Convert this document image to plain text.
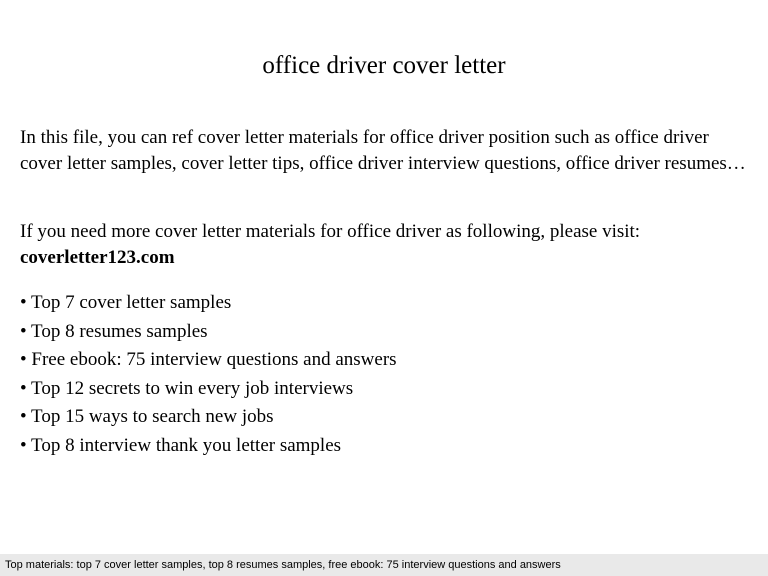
office driver cover letter

In this file, you can ref cover letter materials for office driver position such as office driver cover letter samples, cover letter tips, office driver interview questions, office driver resumes…

If you need more cover letter materials for office driver as following, please visit:
coverletter123.com

• Top 7 cover letter samples
• Top 8 resumes samples
• Free ebook: 75 interview questions and answers
• Top 12 secrets to win every job interviews
• Top 15 ways to search new jobs
• Top 8 interview thank you letter samples
Top materials: top 7 cover letter samples, top 8 resumes samples, free ebook: 75 interview questions and answers
